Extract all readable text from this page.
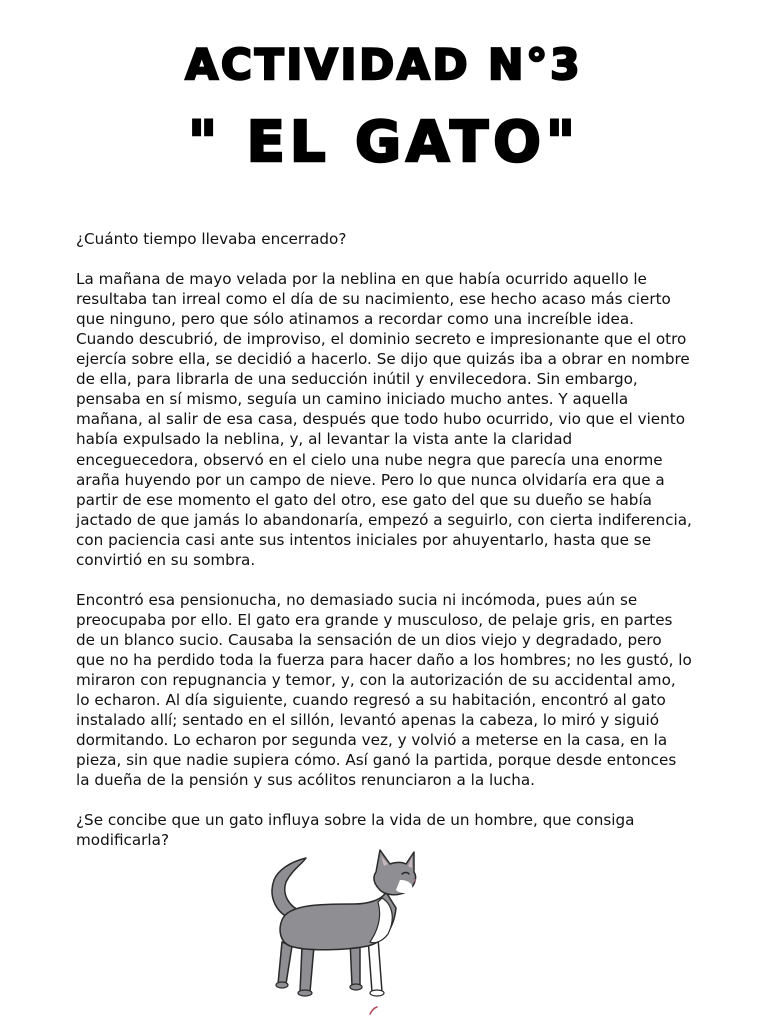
ACTIVIDAD N°3
" EL GATO"

¿Cuánto tiempo llevaba encerrado?

La mañana de mayo velada por la neblina en que había ocurrido aquello le resultaba tan irreal como el día de su nacimiento, ese hecho acaso más cierto que ninguno, pero que sólo atinamos a recordar como una increíble idea. Cuando descubrió, de improviso, el dominio secreto e impresionante que el otro ejercía sobre ella, se decidió a hacerlo. Se dijo que quizás iba a obrar en nombre de ella, para librarla de una seducción inútil y envilecedora. Sin embargo, pensaba en sí mismo, seguía un camino iniciado mucho antes. Y aquella mañana, al salir de esa casa, después que todo hubo ocurrido, vio que el viento había expulsado la neblina, y, al levantar la vista ante la claridad enceguecedora, observó en el cielo una nube negra que parecía una enorme araña huyendo por un campo de nieve. Pero lo que nunca olvidaría era que a partir de ese momento el gato del otro, ese gato del que su dueño se había jactado de que jamás lo abandonaría, empezó a seguirlo, con cierta indiferencia, con paciencia casi ante sus intentos iniciales por ahuyentarlo, hasta que se convirtió en su sombra.

Encontró esa pensionucha, no demasiado sucia ni incómoda, pues aún se preocupaba por ello. El gato era grande y musculoso, de pelaje gris, en partes de un blanco sucio. Causaba la sensación de un dios viejo y degradado, pero que no ha perdido toda la fuerza para hacer daño a los hombres; no les gustó, lo miraron con repugnancia y temor, y, con la autorización de su accidental amo, lo echaron. Al día siguiente, cuando regresó a su habitación, encontró al gato instalado allí; sentado en el sillón, levantó apenas la cabeza, lo miró y siguió dormitando. Lo echaron por segunda vez, y volvió a meterse en la casa, en la pieza, sin que nadie supiera cómo. Así ganó la partida, porque desde entonces la dueña de la pensión y sus acólitos renunciaron a la lucha.

¿Se concibe que un gato influya sobre la vida de un hombre, que consiga modificarla?
